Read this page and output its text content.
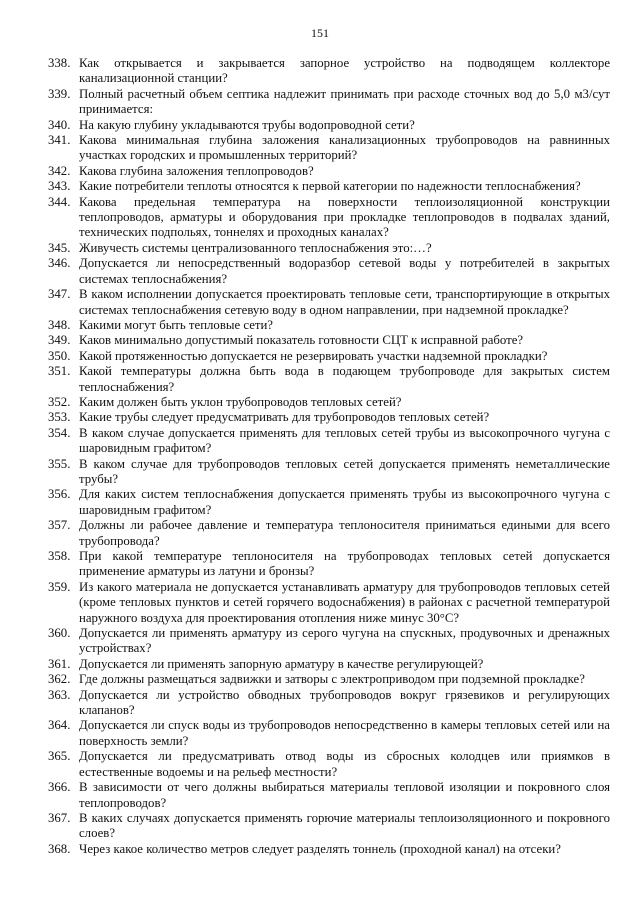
151
338. Как открывается и закрывается запорное устройство на подводящем коллекторе канализационной станции?
339. Полный расчетный объем септика надлежит принимать при расходе сточных вод до 5,0 м3/сут принимается:
340. На какую глубину укладываются трубы водопроводной сети?
341. Какова минимальная глубина заложения канализационных трубопроводов на равнинных участках городских и промышленных территорий?
342. Какова глубина заложения теплопроводов?
343. Какие потребители теплоты относятся к первой категории по надежности теплоснабжения?
344. Какова предельная температура на поверхности теплоизоляционной конструкции теплопроводов, арматуры и оборудования при прокладке теплопроводов в подвалах зданий, технических подпольях, тоннелях и проходных каналах?
345. Живучесть системы централизованного теплоснабжения это:…?
346. Допускается ли непосредственный водоразбор сетевой воды у потребителей в закрытых системах теплоснабжения?
347. В каком исполнении допускается проектировать тепловые сети, транспортирующие в открытых системах теплоснабжения сетевую воду в одном направлении, при надземной прокладке?
348. Какими могут быть тепловые сети?
349. Каков минимально допустимый показатель готовности СЦТ к исправной работе?
350. Какой протяженностью допускается не резервировать участки надземной прокладки?
351. Какой температуры должна быть вода в подающем трубопроводе для закрытых систем теплоснабжения?
352. Каким должен быть уклон трубопроводов тепловых сетей?
353. Какие трубы следует предусматривать для трубопроводов тепловых сетей?
354. В каком случае допускается применять для тепловых сетей трубы из высокопрочного чугуна с шаровидным графитом?
355. В каком случае для трубопроводов тепловых сетей допускается применять неметаллические трубы?
356. Для каких систем теплоснабжения допускается применять трубы из высокопрочного чугуна с шаровидным графитом?
357. Должны ли рабочее давление и температура теплоносителя приниматься едиными для всего трубопровода?
358. При какой температуре теплоносителя на трубопроводах тепловых сетей допускается применение арматуры из латуни и бронзы?
359. Из какого материала не допускается устанавливать арматуру для трубопроводов тепловых сетей (кроме тепловых пунктов и сетей горячего водоснабжения) в районах с расчетной температурой наружного воздуха для проектирования отопления ниже минус 30°С?
360. Допускается ли применять арматуру из серого чугуна на спускных, продувочных и дренажных устройствах?
361. Допускается ли применять запорную арматуру в качестве регулирующей?
362. Где должны размещаться задвижки и затворы с электроприводом при подземной прокладке?
363. Допускается ли устройство обводных трубопроводов вокруг грязевиков и регулирующих клапанов?
364. Допускается ли спуск воды из трубопроводов непосредственно в камеры тепловых сетей или на поверхность земли?
365. Допускается ли предусматривать отвод воды из сбросных колодцев или приямков в естественные водоемы и на рельеф местности?
366. В зависимости от чего должны выбираться материалы тепловой изоляции и покровного слоя теплопроводов?
367. В каких случаях допускается применять горючие материалы теплоизоляционного и покровного слоев?
368. Через какое количество метров следует разделять тоннель (проходной канал) на отсеки?
